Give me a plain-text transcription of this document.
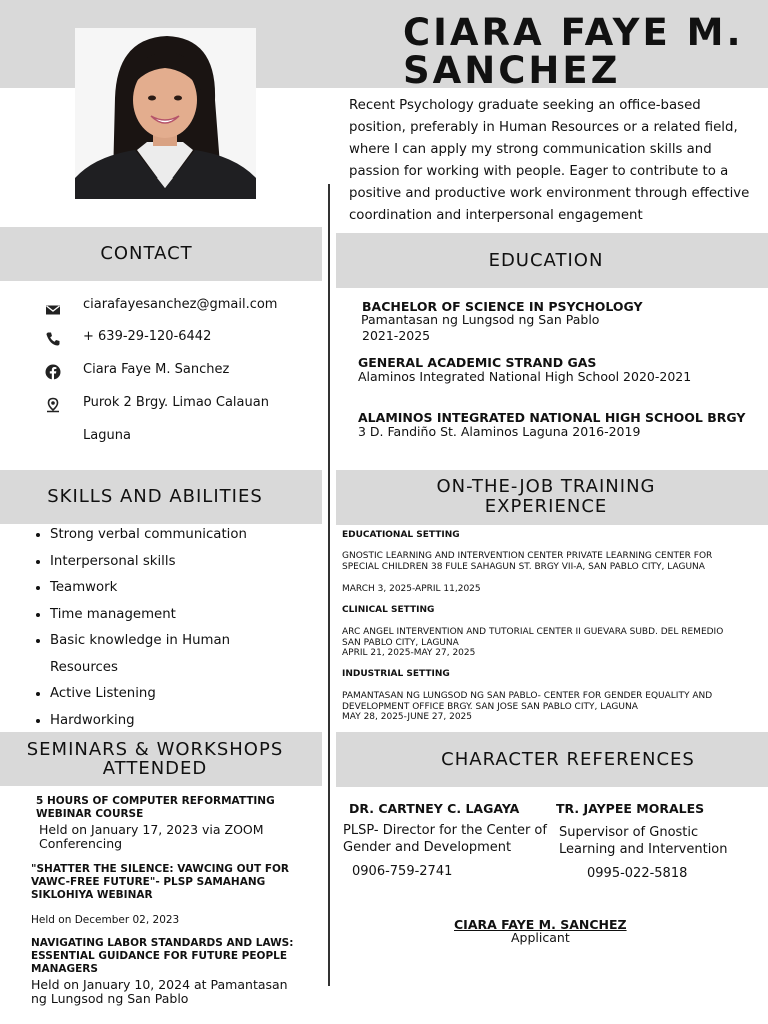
CIARA FAYE M.
SANCHEZ
Recent Psychology graduate seeking an office-based position, preferably in Human Resources or a related field, where I can apply my strong communication skills and passion for working with people. Eager to contribute to a positive and productive work environment through effective coordination and interpersonal engagement
CONTACT
ciarafayesanchez@gmail.com
+ 639-29-120-6442
Ciara Faye M. Sanchez
Purok 2 Brgy. Limao Calauan
Laguna
SKILLS AND ABILITIES
• Strong verbal communication
• Interpersonal skills
• Teamwork
• Time management
• Basic knowledge in Human
Resources
• Active Listening
• Hardworking
SEMINARS & WORKSHOPS
ATTENDED
5 HOURS OF COMPUTER REFORMATTING WEBINAR COURSE
Held on January 17, 2023 via ZOOM Conferencing
"SHATTER THE SILENCE: VAWCING OUT FOR VAWC-FREE FUTURE"- PLSP SAMAHANG SIKLOHIYA WEBINAR
Held on December 02, 2023
NAVIGATING LABOR STANDARDS AND LAWS: ESSENTIAL GUIDANCE FOR FUTURE PEOPLE MANAGERS
Held on January 10, 2024 at Pamantasan ng Lungsod ng San Pablo
EDUCATION
BACHELOR OF SCIENCE IN PSYCHOLOGY
Pamantasan ng Lungsod ng San Pablo
2021-2025
GENERAL ACADEMIC STRAND GAS
Alaminos Integrated National High School 2020-2021
ALAMINOS INTEGRATED NATIONAL HIGH SCHOOL BRGY
3 D. Fandiño St. Alaminos Laguna 2016-2019
ON-THE-JOB TRAINING
EXPERIENCE
EDUCATIONAL SETTING
GNOSTIC LEARNING AND INTERVENTION CENTER PRIVATE LEARNING CENTER FOR SPECIAL CHILDREN 38 FULE SAHAGUN ST. BRGY VII-A, SAN PABLO CITY, LAGUNA
MARCH 3, 2025-APRIL 11,2025
CLINICAL SETTING
ARC ANGEL INTERVENTION AND TUTORIAL CENTER II GUEVARA SUBD. DEL REMEDIO SAN PABLO CITY, LAGUNA
APRIL 21, 2025-MAY 27, 2025
INDUSTRIAL SETTING
PAMANTASAN NG LUNGSOD NG SAN PABLO- CENTER FOR GENDER EQUALITY AND DEVELOPMENT OFFICE BRGY. SAN JOSE SAN PABLO CITY, LAGUNA
MAY 28, 2025-JUNE 27, 2025
CHARACTER REFERENCES
DR. CARTNEY C. LAGAYA
PLSP- Director for the Center of Gender and Development
0906-759-2741
TR. JAYPEE MORALES
Supervisor of Gnostic Learning and Intervention
0995-022-5818
CIARA FAYE M. SANCHEZ
Applicant
